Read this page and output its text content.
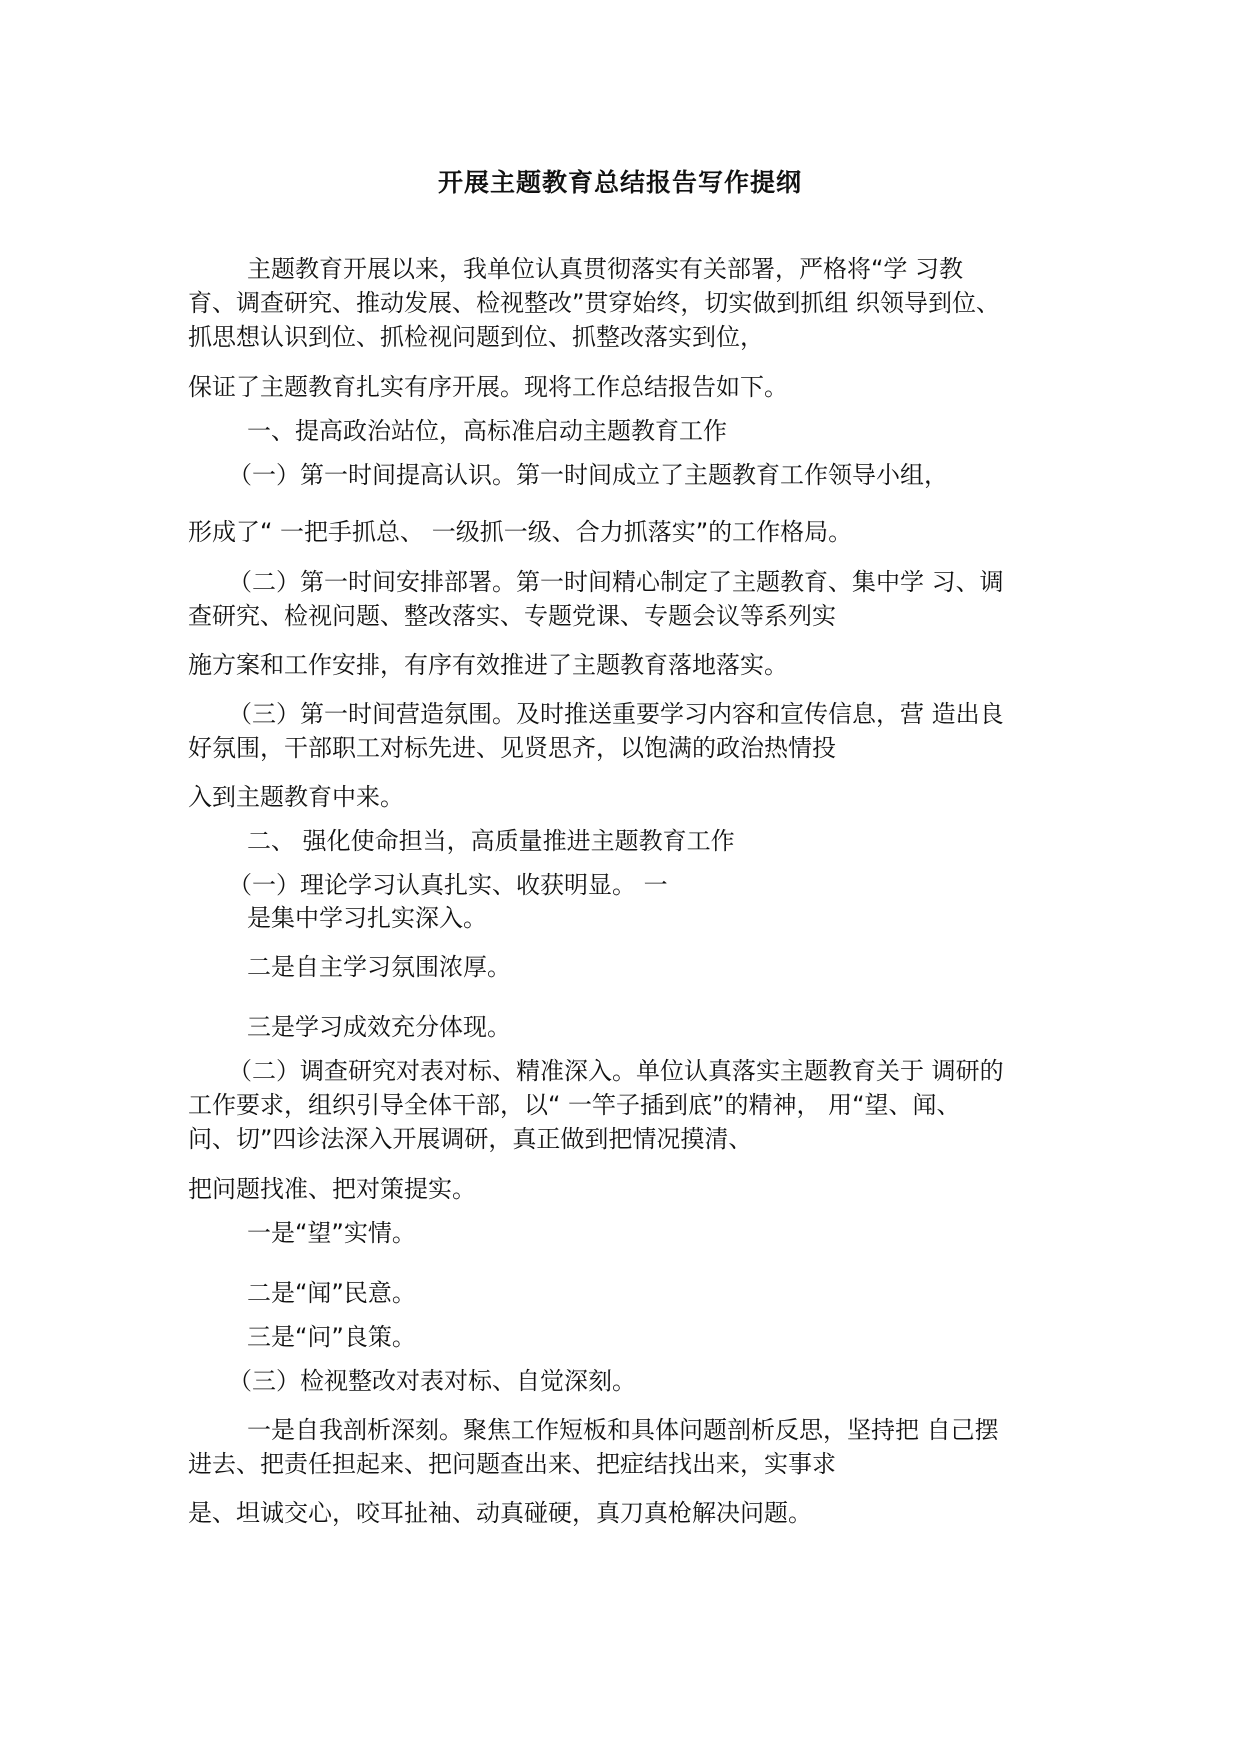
开展主题教育总结报告写作提纲
主题教育开展以来，我单位认真贯彻落实有关部署，严格将“学 习教
育、调查研究、推动发展、检视整改”贯穿始终，切实做到抓组 织领导到位、
抓思想认识到位、抓检视问题到位、抓整改落实到位，
保证了主题教育扎实有序开展。现将工作总结报告如下。
一、提高政治站位，高标准启动主题教育工作
（一）第一时间提高认识。第一时间成立了主题教育工作领导小组，
形成了“ 一把手抓总、 一级抓一级、合力抓落实”的工作格局。
（二）第一时间安排部署。第一时间精心制定了主题教育、集中学 习、调
查研究、检视问题、整改落实、专题党课、专题会议等系列实
施方案和工作安排，有序有效推进了主题教育落地落实。
（三）第一时间营造氛围。及时推送重要学习内容和宣传信息，营 造出良
好氛围，干部职工对标先进、见贤思齐，以饱满的政治热情投
入到主题教育中来。
二、 强化使命担当，高质量推进主题教育工作
（一）理论学习认真扎实、收获明显。 一
是集中学习扎实深入。
二是自主学习氛围浓厚。
三是学习成效充分体现。
（二）调查研究对表对标、精准深入。单位认真落实主题教育关于 调研的
工作要求，组织引导全体干部，以“ 一竿子插到底”的精神， 用“望、闻、
问、切”四诊法深入开展调研，真正做到把情况摸清、
把问题找准、把对策提实。
一是“望”实情。
二是“闻”民意。
三是“问”良策。
（三）检视整改对表对标、自觉深刻。
一是自我剖析深刻。聚焦工作短板和具体问题剖析反思，坚持把 自己摆
进去、把责任担起来、把问题查出来、把症结找出来，实事求
是、坦诚交心，咬耳扯袖、动真碰硬，真刀真枪解决问题。
